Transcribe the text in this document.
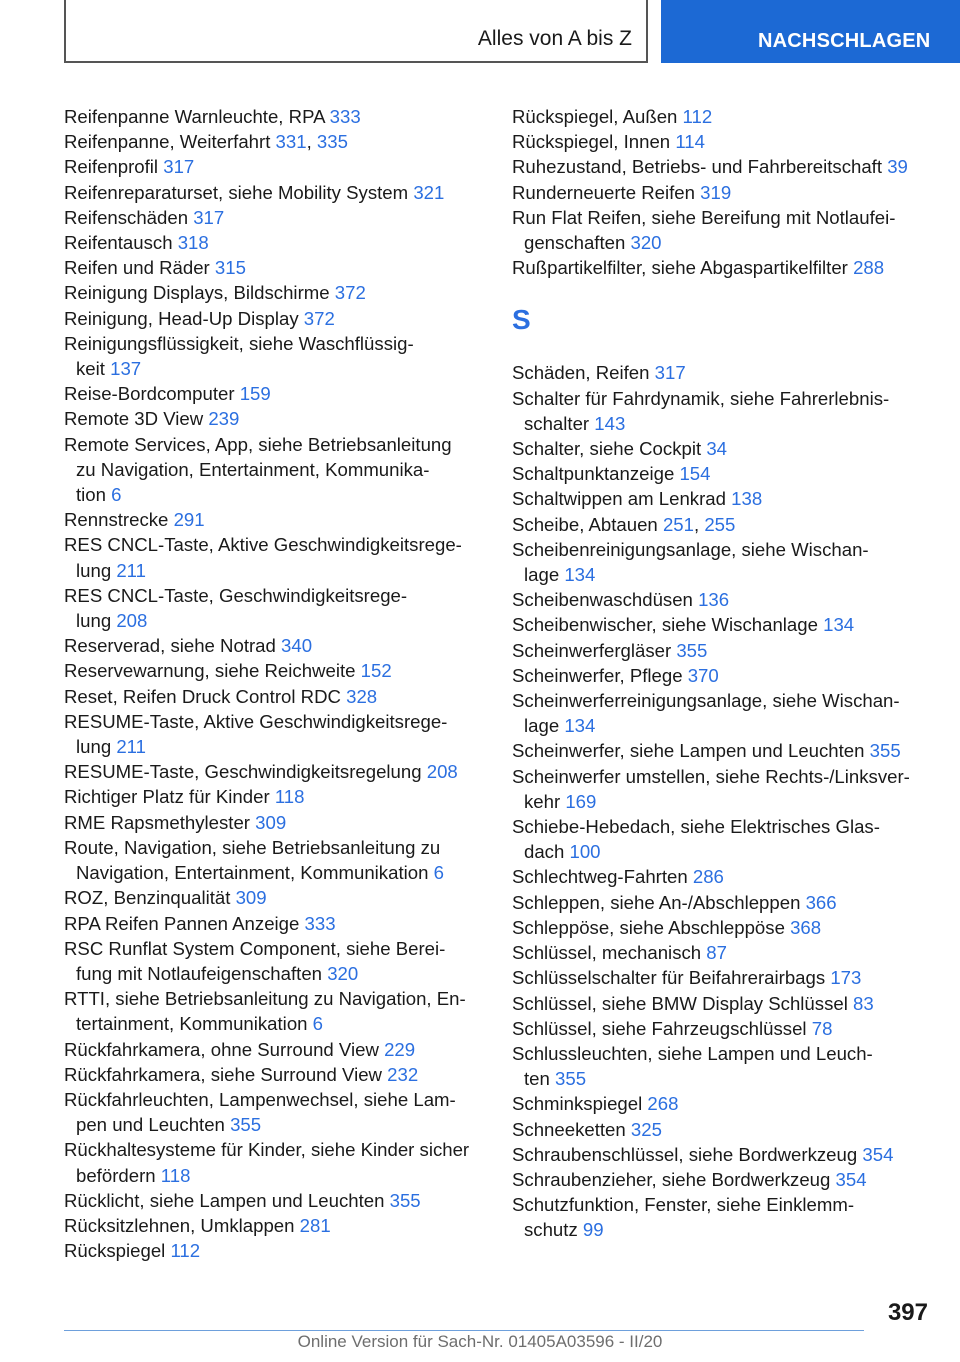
Alles von A bis Z	NACHSCHLAGEN
Reifenpanne Warnleuchte, RPA 333
Reifenpanne, Weiterfahrt 331, 335
Reifenprofil 317
Reifenreparaturset, siehe Mobility System 321
Reifenschäden 317
Reifentausch 318
Reifen und Räder 315
Reinigung Displays, Bildschirme 372
Reinigung, Head-Up Display 372
Reinigungsflüssigkeit, siehe Waschflüssig-
keit 137
Reise-Bordcomputer 159
Remote 3D View 239
Remote Services, App, siehe Betriebsanleitung
zu Navigation, Entertainment, Kommunika-
tion 6
Rennstrecke 291
RES CNCL-Taste, Aktive Geschwindigkeitsrege-
lung 211
RES CNCL-Taste, Geschwindigkeitsrege-
lung 208
Reserverad, siehe Notrad 340
Reservewarnung, siehe Reichweite 152
Reset, Reifen Druck Control RDC 328
RESUME-Taste, Aktive Geschwindigkeitsrege-
lung 211
RESUME-Taste, Geschwindigkeitsregelung 208
Richtiger Platz für Kinder 118
RME Rapsmethylester 309
Route, Navigation, siehe Betriebsanleitung zu
Navigation, Entertainment, Kommunikation 6
ROZ, Benzinqualität 309
RPA Reifen Pannen Anzeige 333
RSC Runflat System Component, siehe Berei-
fung mit Notlaufeigenschaften 320
RTTI, siehe Betriebsanleitung zu Navigation, En-
tertainment, Kommunikation 6
Rückfahrkamera, ohne Surround View 229
Rückfahrkamera, siehe Surround View 232
Rückfahrleuchten, Lampenwechsel, siehe Lam-
pen und Leuchten 355
Rückhaltesysteme für Kinder, siehe Kinder sicher
befördern 118
Rücklicht, siehe Lampen und Leuchten 355
Rücksitzlehnen, Umklappen 281
Rückspiegel 112
Rückspiegel, Außen 112
Rückspiegel, Innen 114
Ruhezustand, Betriebs- und Fahrbereitschaft 39
Runderneuerte Reifen 319
Run Flat Reifen, siehe Bereifung mit Notlaufei-
genschaften 320
Rußpartikelfilter, siehe Abgaspartikelfilter 288
S
Schäden, Reifen 317
Schalter für Fahrdynamik, siehe Fahrerlebnis-
schalter 143
Schalter, siehe Cockpit 34
Schaltpunktanzeige 154
Schaltwippen am Lenkrad 138
Scheibe, Abtauen 251, 255
Scheibenreinigungsanlage, siehe Wischan-
lage 134
Scheibenwaschdüsen 136
Scheibenwischer, siehe Wischanlage 134
Scheinwerfergläser 355
Scheinwerfer, Pflege 370
Scheinwerferreinigungsanlage, siehe Wischan-
lage 134
Scheinwerfer, siehe Lampen und Leuchten 355
Scheinwerfer umstellen, siehe Rechts-/Linksver-
kehr 169
Schiebe-Hebedach, siehe Elektrisches Glas-
dach 100
Schlechtweg-Fahrten 286
Schleppen, siehe An-/Abschleppen 366
Schleppöse, siehe Abschleppöse 368
Schlüssel, mechanisch 87
Schlüsselschalter für Beifahrerairbags 173
Schlüssel, siehe BMW Display Schlüssel 83
Schlüssel, siehe Fahrzeugschlüssel 78
Schlussleuchten, siehe Lampen und Leuch-
ten 355
Schminkspiegel 268
Schneeketten 325
Schraubenschlüssel, siehe Bordwerkzeug 354
Schraubenzieher, siehe Bordwerkzeug 354
Schutzfunktion, Fenster, siehe Einklemm-
schutz 99
397
Online Version für Sach-Nr. 01405A03596 - II/20
